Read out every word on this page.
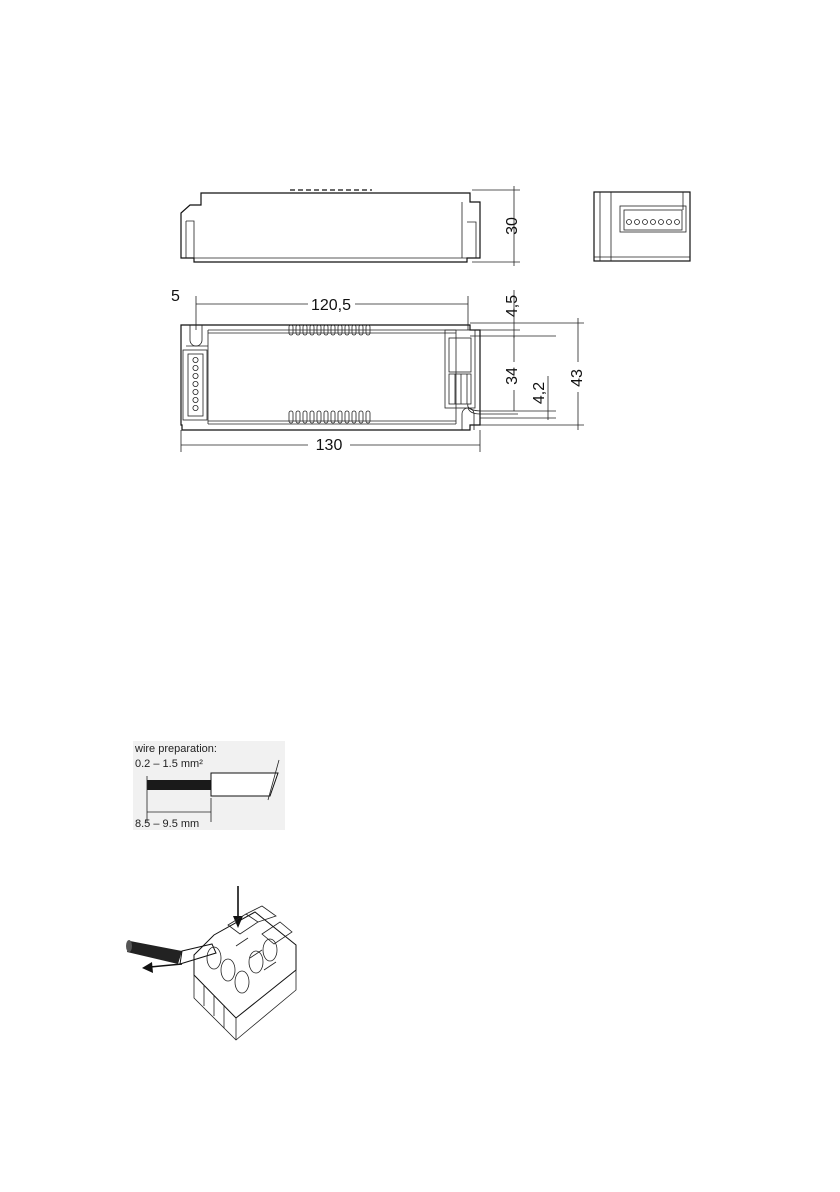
30
5
120,5
130
4,5
34
4,2
43
wire preparation:
0.2 – 1.5 mm²
8.5 – 9.5 mm
